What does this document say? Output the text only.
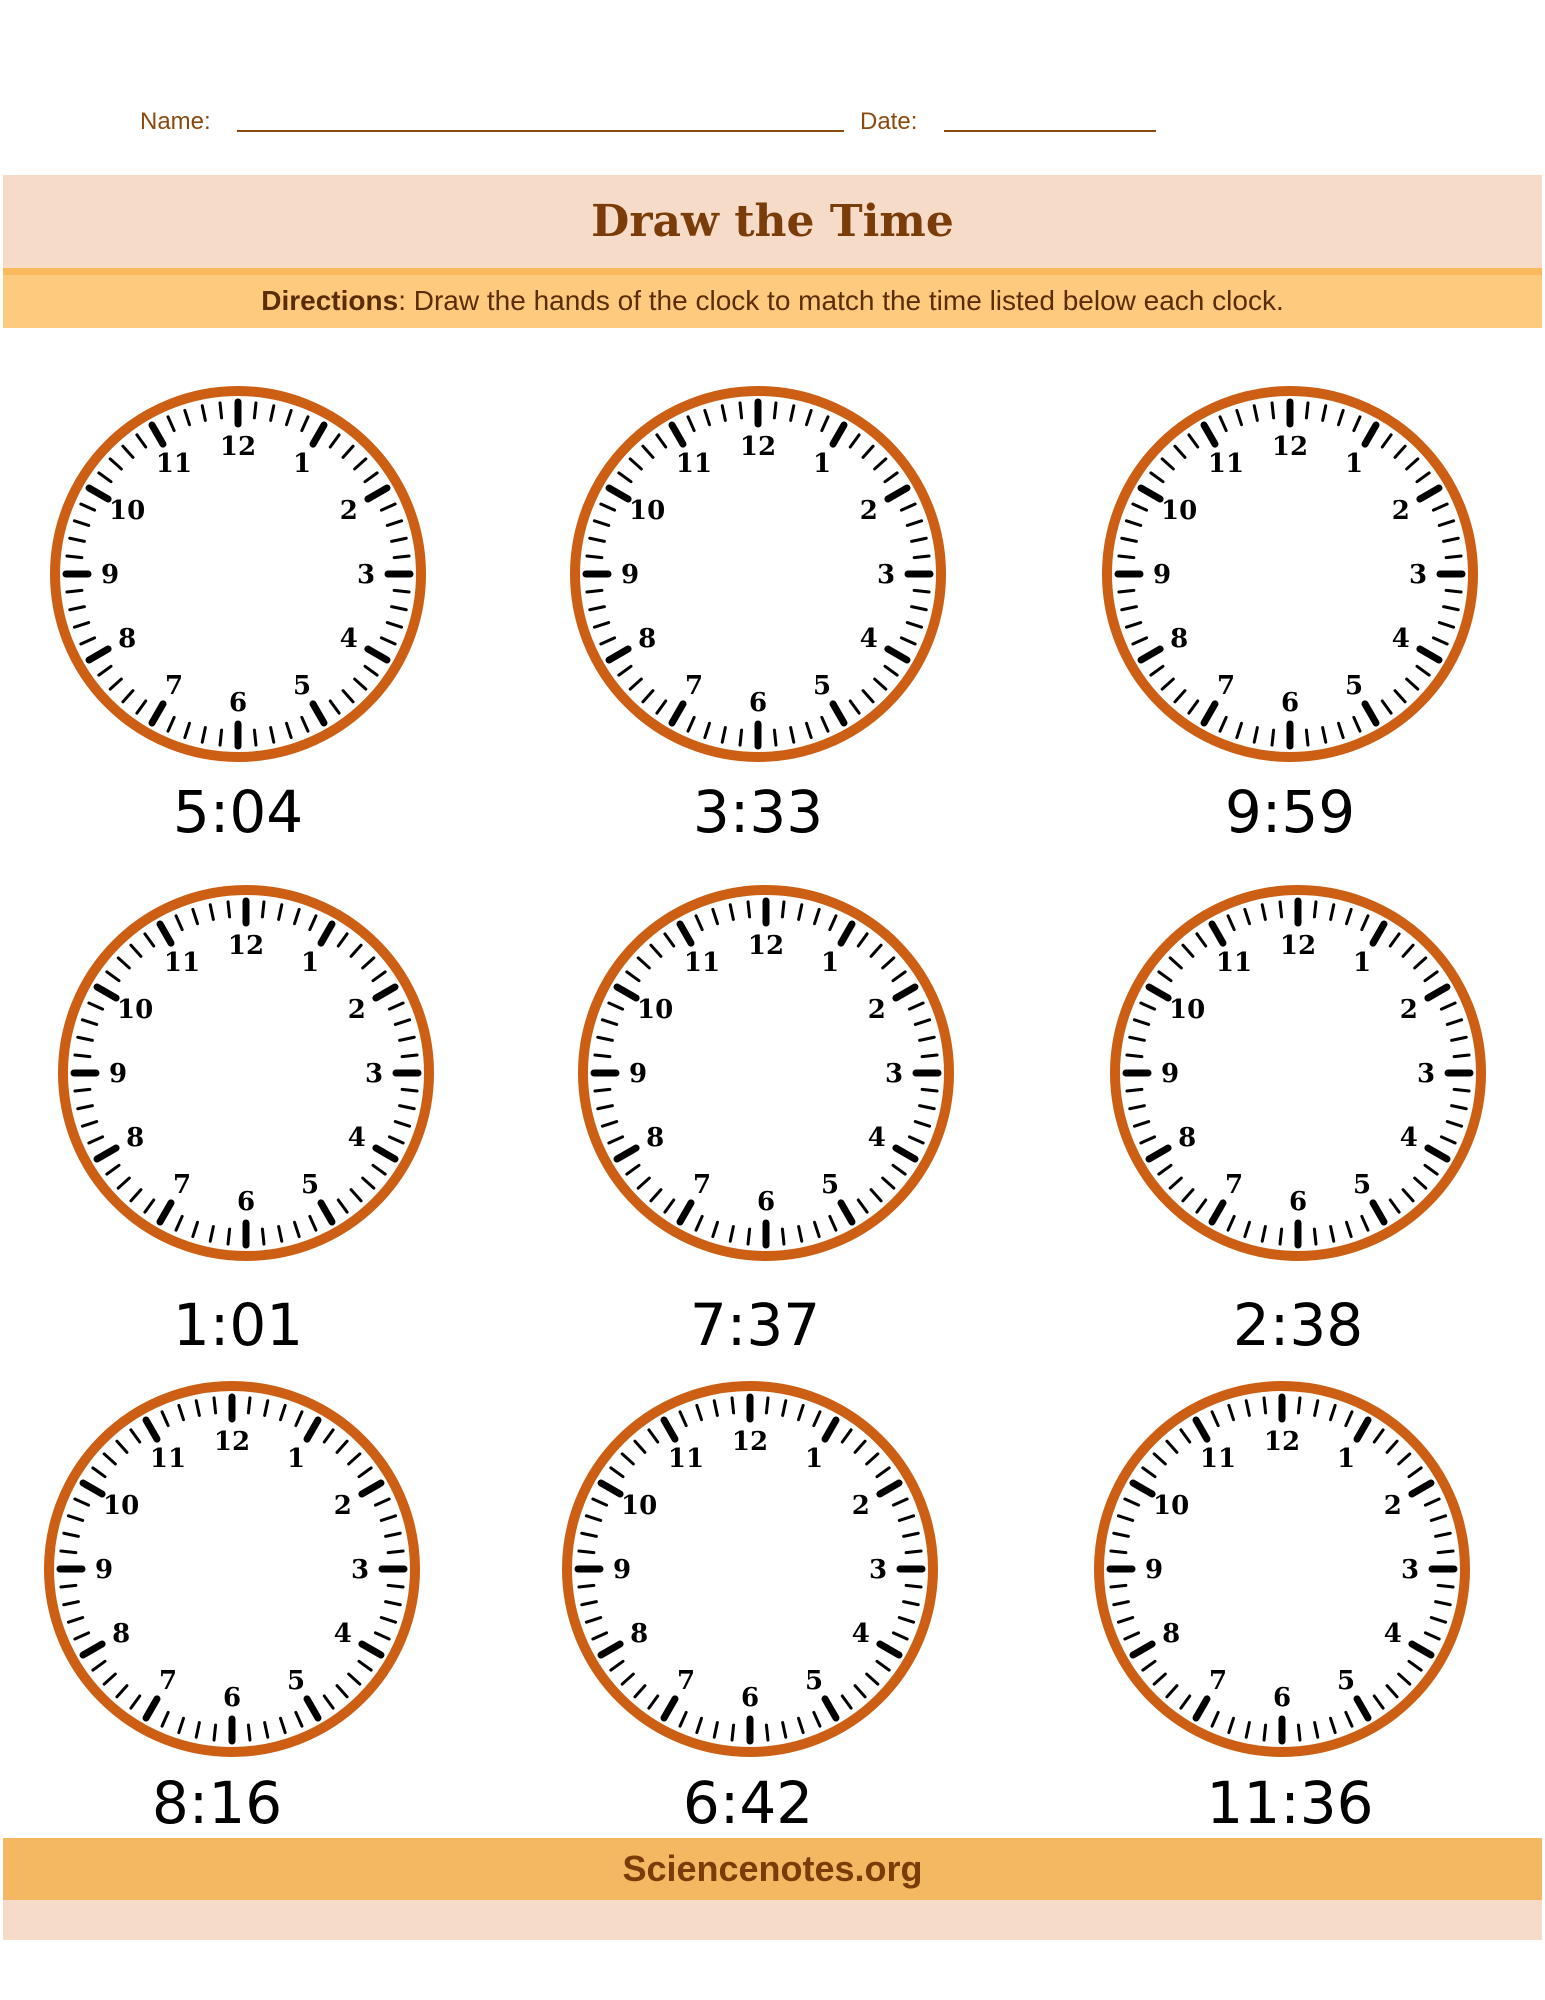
Name:	Date:
Draw the Time
Directions: Draw the hands of the clock to match the time listed below each clock.
12
1
2
3
4
5
6
7
8
9
10
11
5:04
12
1
2
3
4
5
6
7
8
9
10
11
3:33
12
1
2
3
4
5
6
7
8
9
10
11
9:59
12
1
2
3
4
5
6
7
8
9
10
11
1:01
12
1
2
3
4
5
6
7
8
9
10
11
7:37
12
1
2
3
4
5
6
7
8
9
10
11
2:38
12
1
2
3
4
5
6
7
8
9
10
11
8:16
12
1
2
3
4
5
6
7
8
9
10
11
6:42
12
1
2
3
4
5
6
7
8
9
10
11
11:36
Sciencenotes.org
